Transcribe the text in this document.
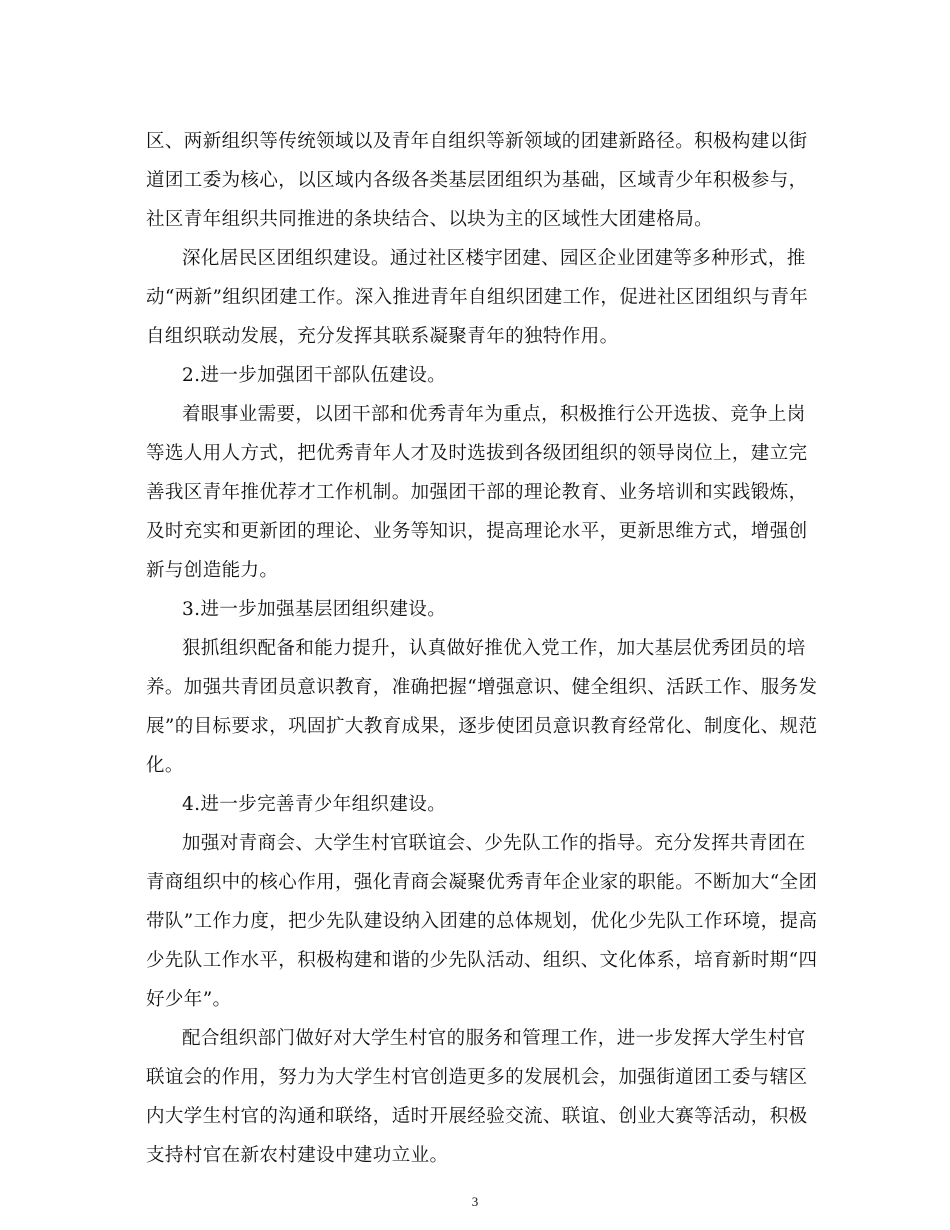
区、两新组织等传统领域以及青年自组织等新领域的团建新路径。积极构建以街
道团工委为核心，以区域内各级各类基层团组织为基础，区域青少年积极参与，
社区青年组织共同推进的条块结合、以块为主的区域性大团建格局。
深化居民区团组织建设。通过社区楼宇团建、园区企业团建等多种形式，推
动“两新”组织团建工作。深入推进青年自组织团建工作，促进社区团组织与青年
自组织联动发展，充分发挥其联系凝聚青年的独特作用。
2.进一步加强团干部队伍建设。
着眼事业需要，以团干部和优秀青年为重点，积极推行公开选拔、竞争上岗
等选人用人方式，把优秀青年人才及时选拔到各级团组织的领导岗位上，建立完
善我区青年推优荐才工作机制。加强团干部的理论教育、业务培训和实践锻炼，
及时充实和更新团的理论、业务等知识，提高理论水平，更新思维方式，增强创
新与创造能力。
3.进一步加强基层团组织建设。
狠抓组织配备和能力提升，认真做好推优入党工作，加大基层优秀团员的培
养。加强共青团员意识教育，准确把握“增强意识、健全组织、活跃工作、服务发
展”的目标要求，巩固扩大教育成果，逐步使团员意识教育经常化、制度化、规范
化。
4.进一步完善青少年组织建设。
加强对青商会、大学生村官联谊会、少先队工作的指导。充分发挥共青团在
青商组织中的核心作用，强化青商会凝聚优秀青年企业家的职能。不断加大“全团
带队”工作力度，把少先队建设纳入团建的总体规划，优化少先队工作环境，提高
少先队工作水平，积极构建和谐的少先队活动、组织、文化体系，培育新时期“四
好少年”。
配合组织部门做好对大学生村官的服务和管理工作，进一步发挥大学生村官
联谊会的作用，努力为大学生村官创造更多的发展机会，加强街道团工委与辖区
内大学生村官的沟通和联络，适时开展经验交流、联谊、创业大赛等活动，积极
支持村官在新农村建设中建功立业。
3
